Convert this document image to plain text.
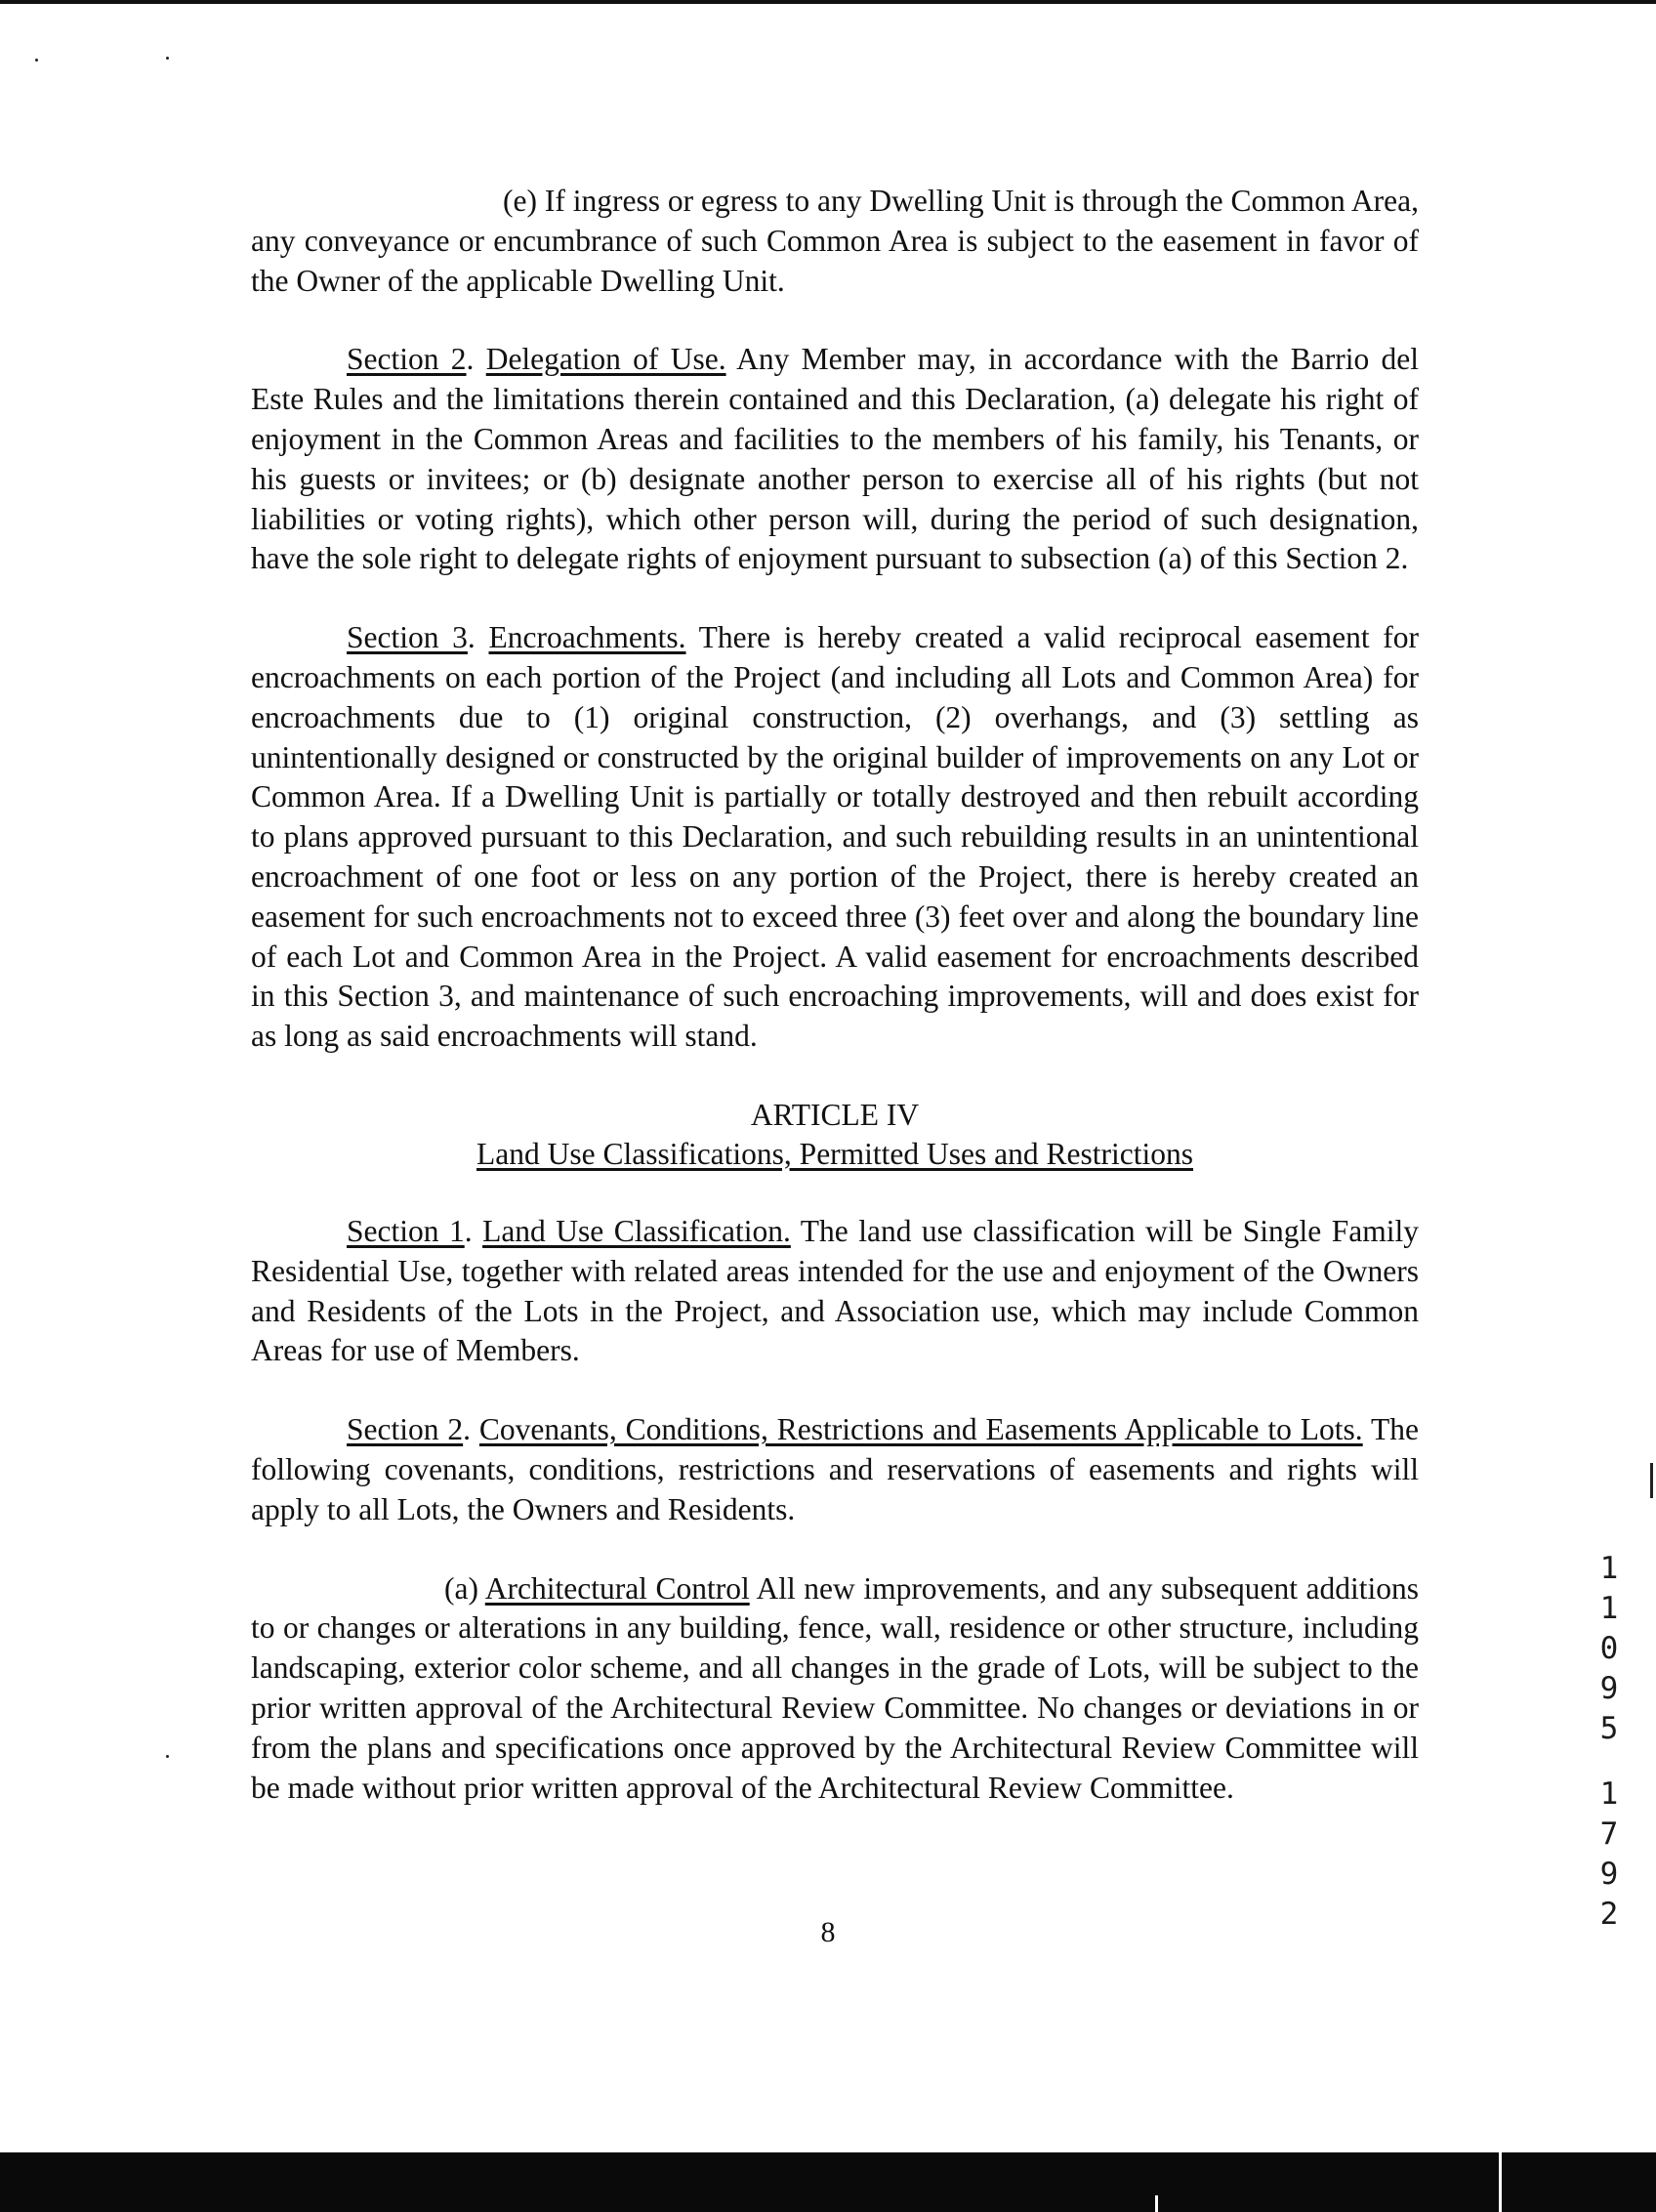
(e) If ingress or egress to any Dwelling Unit is through the Common Area, any conveyance or encumbrance of such Common Area is subject to the easement in favor of the Owner of the applicable Dwelling Unit.

Section 2. Delegation of Use. Any Member may, in accordance with the Barrio del Este Rules and the limitations therein contained and this Declaration, (a) delegate his right of enjoyment in the Common Areas and facilities to the members of his family, his Tenants, or his guests or invitees; or (b) designate another person to exercise all of his rights (but not liabilities or voting rights), which other person will, during the period of such designation, have the sole right to delegate rights of enjoyment pursuant to subsection (a) of this Section 2.

Section 3. Encroachments. There is hereby created a valid reciprocal easement for encroachments on each portion of the Project (and including all Lots and Common Area) for encroachments due to (1) original construction, (2) overhangs, and (3) settling as unintentionally designed or constructed by the original builder of improvements on any Lot or Common Area. If a Dwelling Unit is partially or totally destroyed and then rebuilt according to plans approved pursuant to this Declaration, and such rebuilding results in an unintentional encroachment of one foot or less on any portion of the Project, there is hereby created an easement for such encroachments not to exceed three (3) feet over and along the boundary line of each Lot and Common Area in the Project. A valid easement for encroachments described in this Section 3, and maintenance of such encroaching improvements, will and does exist for as long as said encroachments will stand.

ARTICLE IV
Land Use Classifications, Permitted Uses and Restrictions

Section 1. Land Use Classification. The land use classification will be Single Family Residential Use, together with related areas intended for the use and enjoyment of the Owners and Residents of the Lots in the Project, and Association use, which may include Common Areas for use of Members.

Section 2. Covenants, Conditions, Restrictions and Easements Applicable to Lots. The following covenants, conditions, restrictions and reservations of easements and rights will apply to all Lots, the Owners and Residents.

(a) Architectural Control All new improvements, and any subsequent additions to or changes or alterations in any building, fence, wall, residence or other structure, including landscaping, exterior color scheme, and all changes in the grade of Lots, will be subject to the prior written approval of the Architectural Review Committee. No changes or deviations in or from the plans and specifications once approved by the Architectural Review Committee will be made without prior written approval of the Architectural Review Committee.

8
1
1
0
9
5
1
7
9
2
